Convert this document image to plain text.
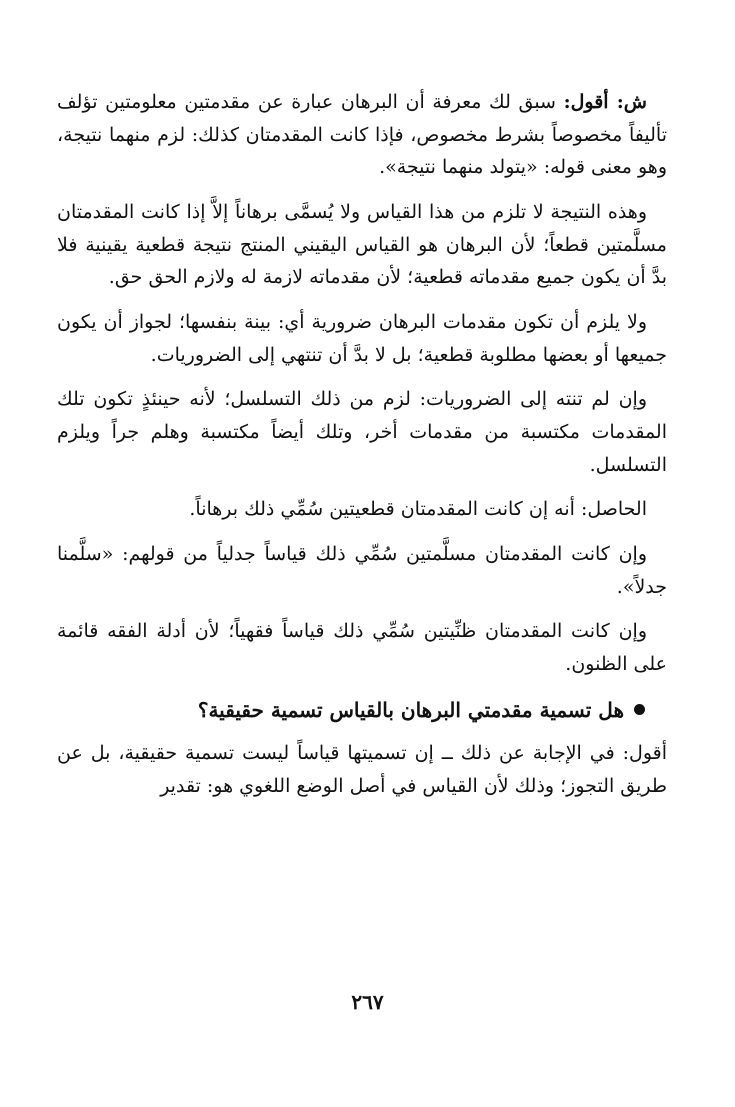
ش: أقول: سبق لك معرفة أن البرهان عبارة عن مقدمتين معلومتين تؤلف تأليفاً مخصوصاً بشرط مخصوص، فإذا كانت المقدمتان كذلك: لزم منهما نتيجة، وهو معنى قوله: «يتولد منهما نتيجة».

وهذه النتيجة لا تلزم من هذا القياس ولا يُسمَّى برهاناً إلاَّ إذا كانت المقدمتان مسلَّمتين قطعاً؛ لأن البرهان هو القياس اليقيني المنتج نتيجة قطعية يقينية فلا بدَّ أن يكون جميع مقدماته قطعية؛ لأن مقدماته لازمة له ولازم الحق حق.

ولا يلزم أن تكون مقدمات البرهان ضرورية أي: بينة بنفسها؛ لجواز أن يكون جميعها أو بعضها مطلوبة قطعية؛ بل لا بدَّ أن تنتهي إلى الضروريات.

وإن لم تنته إلى الضروريات: لزم من ذلك التسلسل؛ لأنه حينئذٍ تكون تلك المقدمات مكتسبة من مقدمات أخر، وتلك أيضاً مكتسبة وهلم جراً ويلزم التسلسل.

الحاصل: أنه إن كانت المقدمتان قطعيتين سُمِّي ذلك برهاناً.

وإن كانت المقدمتان مسلَّمتين سُمِّي ذلك قياساً جدلياً من قولهم: «سلَّمنا جدلاً».

وإن كانت المقدمتان ظنِّيتين سُمِّي ذلك قياساً فقهياً؛ لأن أدلة الفقه قائمة على الظنون.

هل تسمية مقدمتي البرهان بالقياس تسمية حقيقية؟

أقول: في الإجابة عن ذلك ــ إن تسميتها قياساً ليست تسمية حقيقية، بل عن طريق التجوز؛ وذلك لأن القياس في أصل الوضع اللغوي هو: تقدير

٢٦٧
